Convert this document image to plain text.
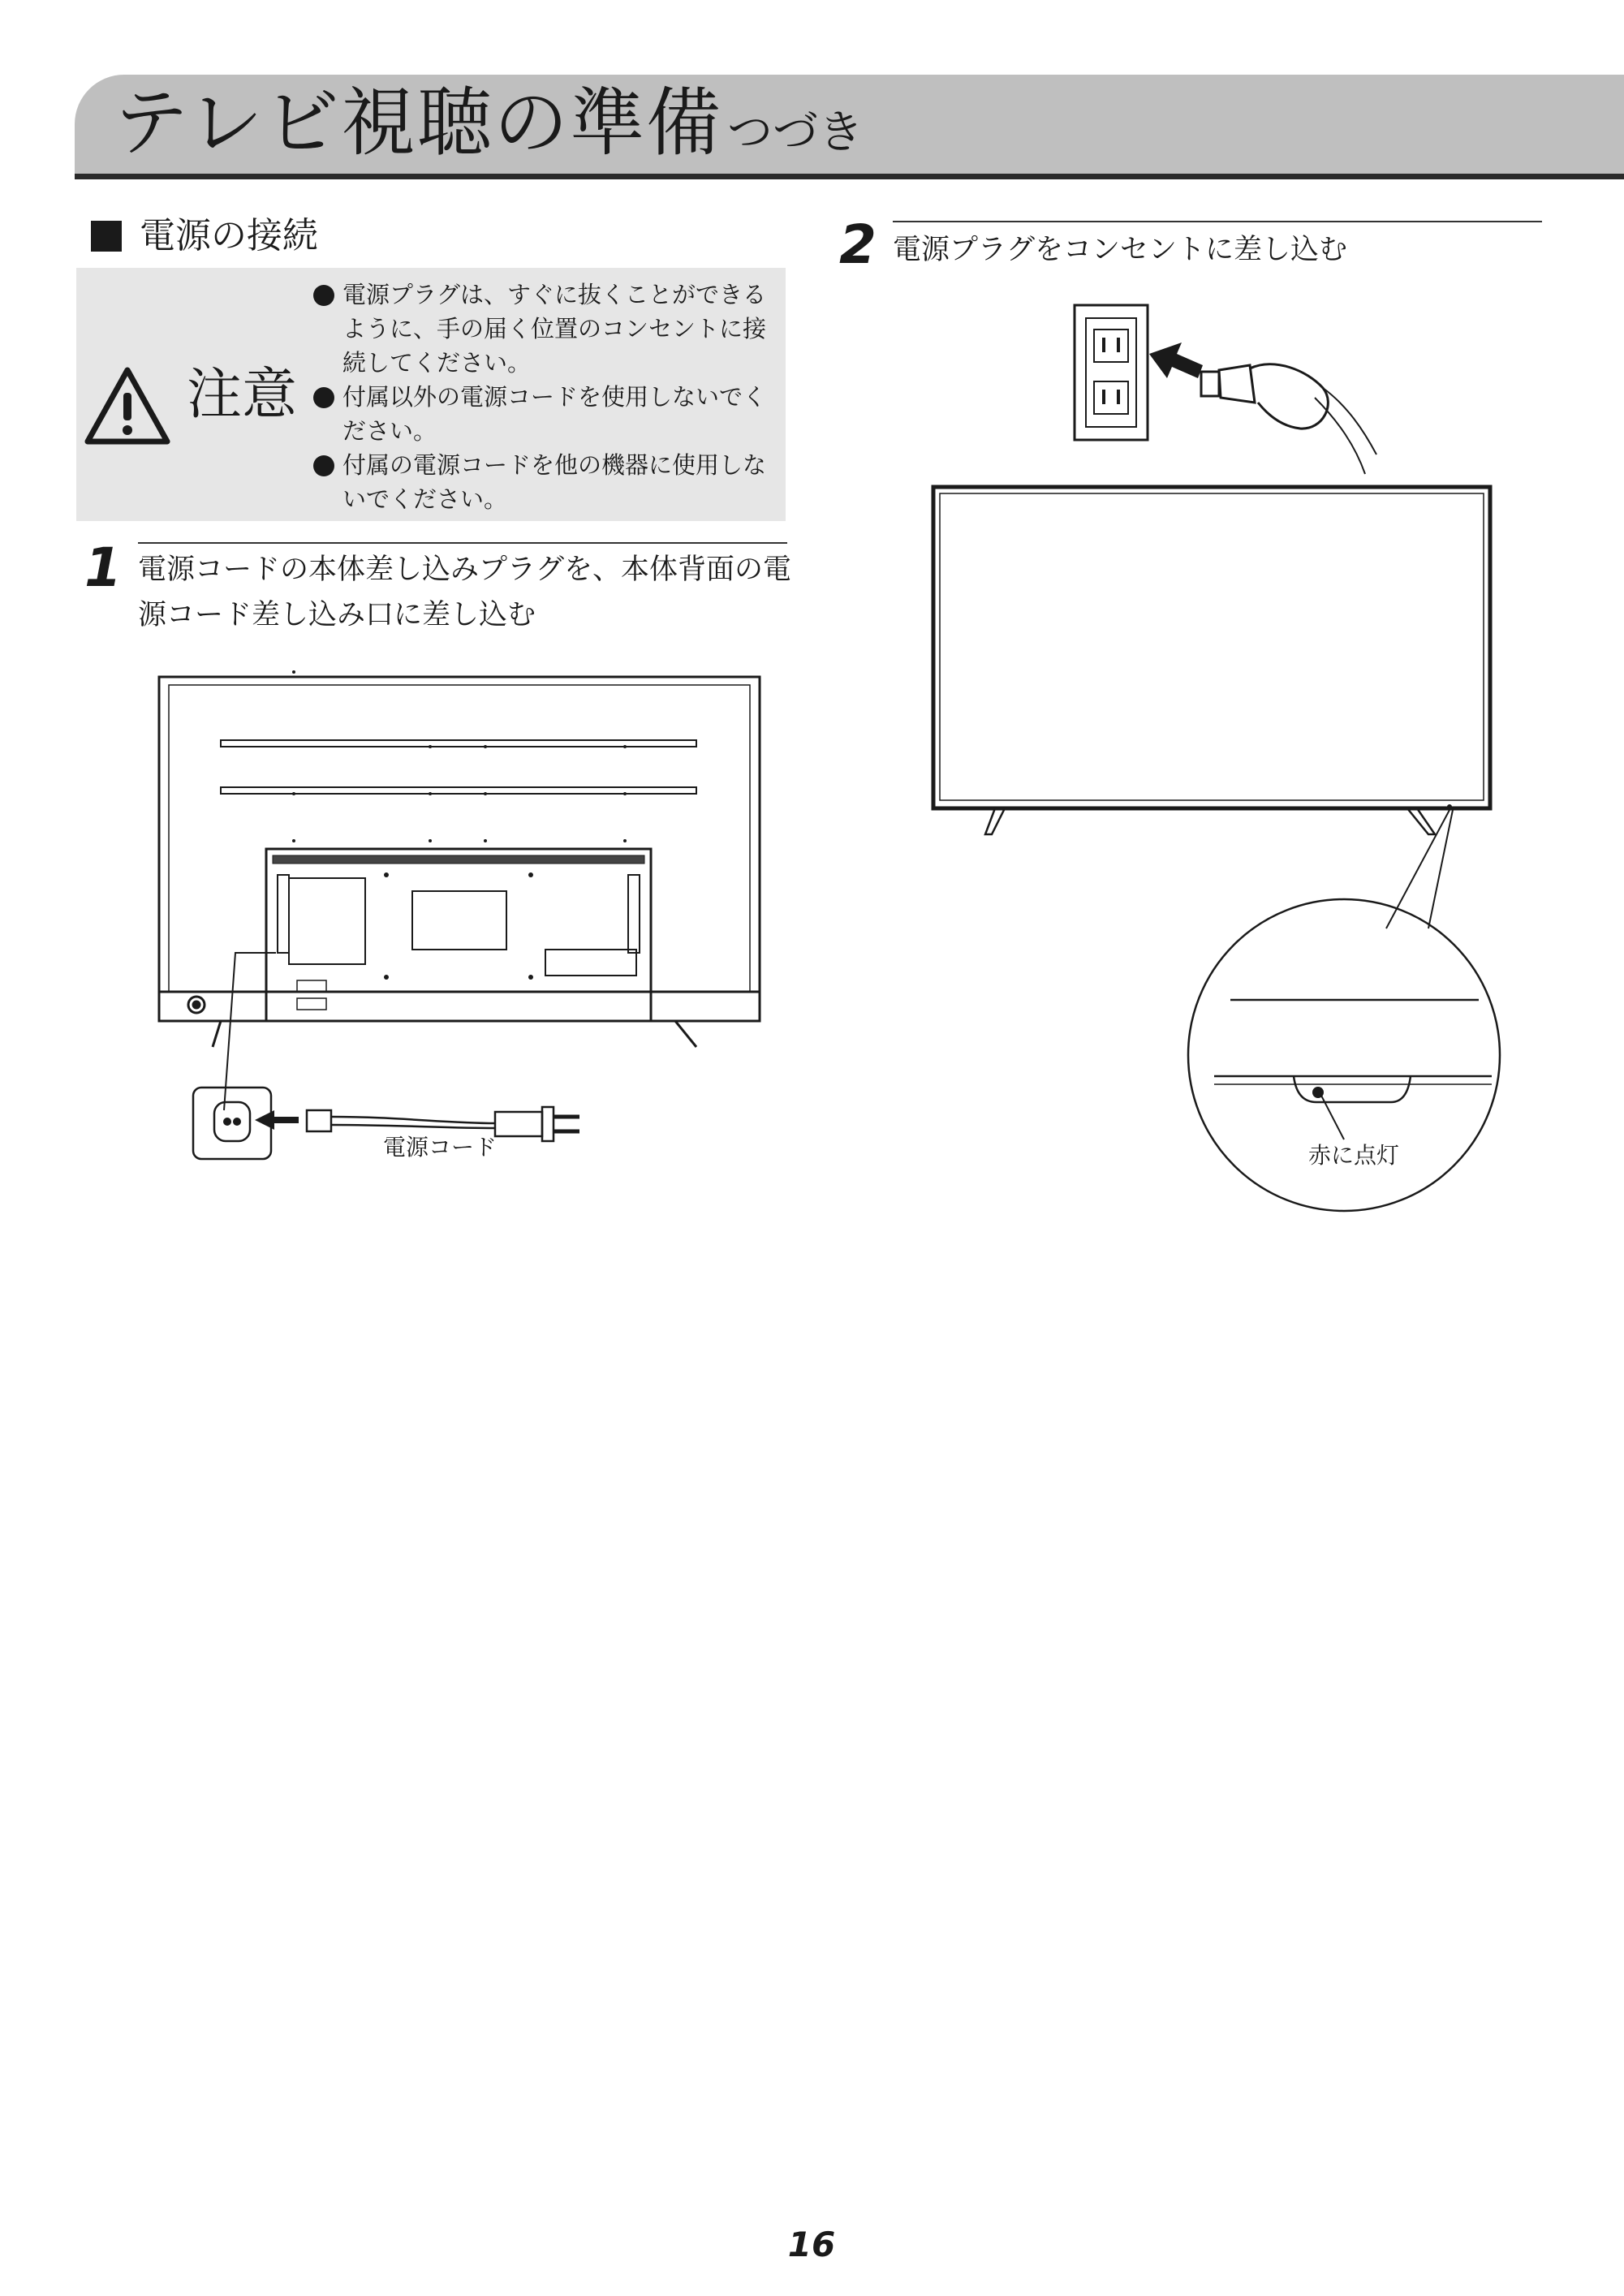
テレビ視聴の準備 つづき
電源の接続
注意
電源プラグは、すぐに抜くことができるように、手の届く位置のコンセントに接続してください。
付属以外の電源コードを使用しないでください。
付属の電源コードを他の機器に使用しないでください。
1 電源コードの本体差し込みプラグを、本体背面の電源コード差し込み口に差し込む
電源コード
2 電源プラグをコンセントに差し込む
赤に点灯
16
